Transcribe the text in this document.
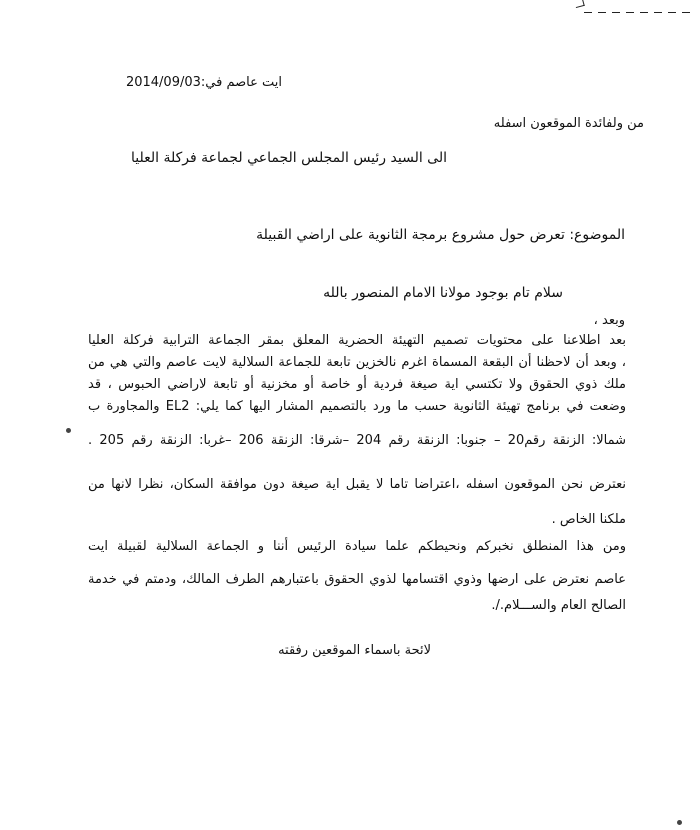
ايت عاصم في:2014/09/03
من ولفائدة الموقعون اسفله
الى السيد رئيس المجلس الجماعي لجماعة فركلة العليا
الموضوع: تعرض حول مشروع برمجة الثانوية على اراضي القبيلة
سلام تام بوجود مولانا الامام المنصور بالله
وبعد ،
بعد اطلاعنا على محتويات تصميم التهيئة الحضرية المعلق بمقر الجماعة الترابية فركلة العليا
، وبعد أن لاحظنا أن البقعة المسماة اغرم نالخزين تابعة للجماعة السلالية لايت عاصم والتي هي من
ملك ذوي الحقوق ولا تكتسي اية صيغة فردية أو خاصة أو مخزنية أو تابعة لاراضي الحبوس ، قد
وضعت في برنامج تهيئة الثانوية حسب ما ورد بالتصميم المشار اليها كما يلي: EL2 والمجاورة ب
شمالا: الزنقة رقم20 – جنوبا: الزنقة رقم 204 –شرقا: الزنقة 206 –غربا: الزنقة رقم 205 .
نعترض نحن الموقعون اسفله ،اعتراضا تاما لا يقبل اية صيغة دون موافقة السكان، نظرا لانها من
ملكنا الخاص .
ومن هذا المنطلق نخبركم ونحيطكم علما سيادة الرئيس أننا و الجماعة السلالية لقبيلة ايت
عاصم نعترض على ارضها وذوي اقتسامها لذوي الحقوق باعتبارهم الطرف المالك، ودمتم في خدمة
الصالح العام والســـلام./.
لائحة باسماء الموقعين رفقته
